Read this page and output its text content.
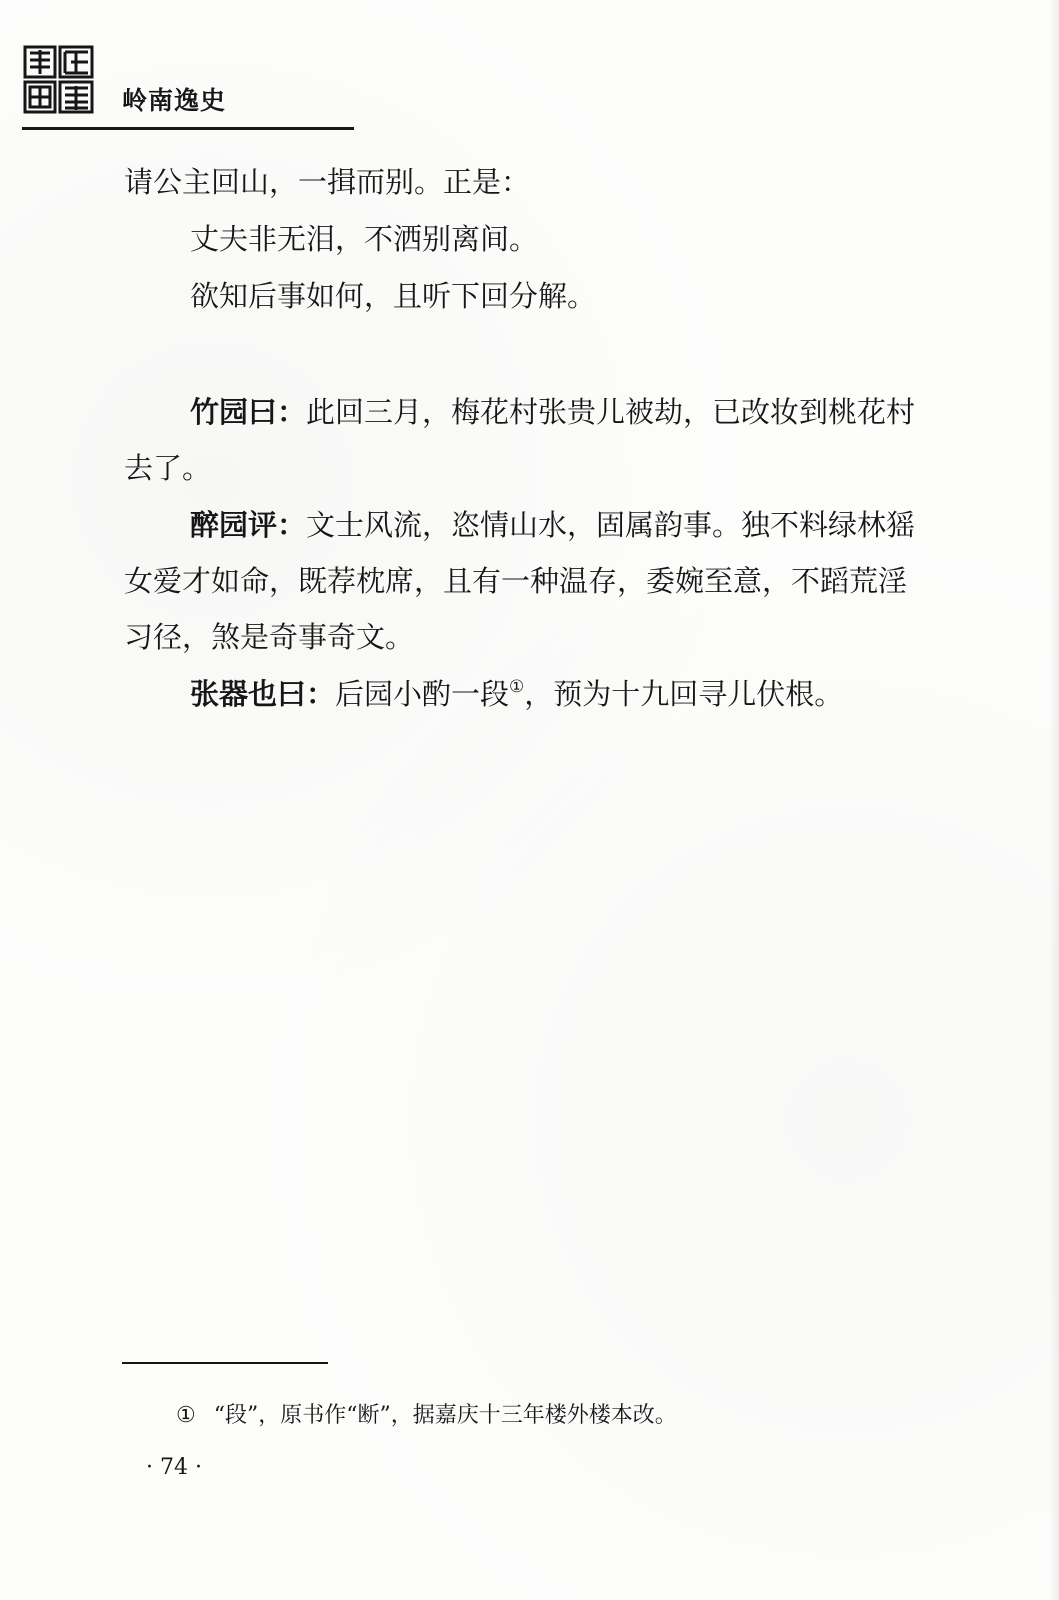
岭南逸史
请公主回山，一揖而别。正是：
丈夫非无泪，不洒别离间。
欲知后事如何，且听下回分解。
竹园曰：此回三月，梅花村张贵儿被劫，已改妆到桃花村
去了。
醉园评：文士风流，恣情山水，固属韵事。独不料绿林猺
女爱才如命，既荐枕席，且有一种温存，委婉至意，不蹈荒淫
习径，煞是奇事奇文。
张器也曰：后园小酌一段①，预为十九回寻儿伏根。
① “段”，原书作“断”，据嘉庆十三年楼外楼本改。
· 74 ·
